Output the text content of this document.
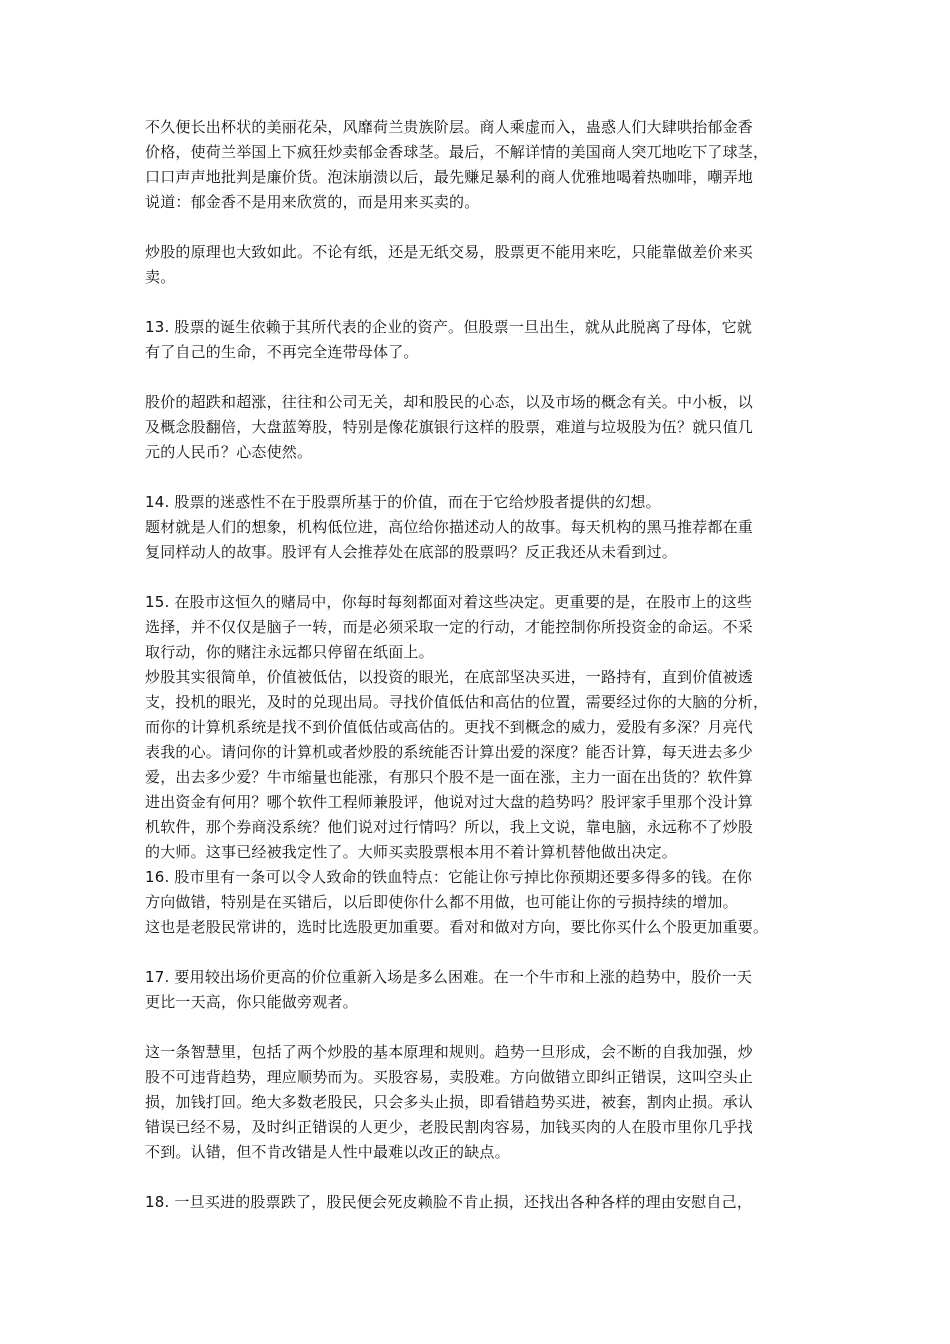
不久便长出杯状的美丽花朵，风靡荷兰贵族阶层。商人乘虚而入，蛊惑人们大肆哄抬郁金香
价格，使荷兰举国上下疯狂炒卖郁金香球茎。最后，不解详情的美国商人突兀地吃下了球茎，
口口声声地批判是廉价货。泡沫崩溃以后，最先赚足暴利的商人优雅地喝着热咖啡，嘲弄地
说道：郁金香不是用来欣赏的，而是用来买卖的。
炒股的原理也大致如此。不论有纸，还是无纸交易，股票更不能用来吃，只能靠做差价来买
卖。
13. 股票的诞生依赖于其所代表的企业的资产。但股票一旦出生，就从此脱离了母体，它就
有了自己的生命，不再完全连带母体了。
股价的超跌和超涨，往往和公司无关，却和股民的心态，以及市场的概念有关。中小板，以
及概念股翻倍，大盘蓝筹股，特别是像花旗银行这样的股票，难道与垃圾股为伍？就只值几
元的人民币？心态使然。
14. 股票的迷惑性不在于股票所基于的价值，而在于它给炒股者提供的幻想。
题材就是人们的想象，机构低位进，高位给你描述动人的故事。每天机构的黑马推荐都在重
复同样动人的故事。股评有人会推荐处在底部的股票吗？反正我还从未看到过。
15. 在股市这恒久的赌局中，你每时每刻都面对着这些决定。更重要的是，在股市上的这些
选择，并不仅仅是脑子一转，而是必须采取一定的行动，才能控制你所投资金的命运。不采
取行动，你的赌注永远都只停留在纸面上。
炒股其实很简单，价值被低估，以投资的眼光，在底部坚决买进，一路持有，直到价值被透
支，投机的眼光，及时的兑现出局。寻找价值低估和高估的位置，需要经过你的大脑的分析，
而你的计算机系统是找不到价值低估或高估的。更找不到概念的威力，爱股有多深？月亮代
表我的心。请问你的计算机或者炒股的系统能否计算出爱的深度？能否计算，每天进去多少
爱，出去多少爱？牛市缩量也能涨，有那只个股不是一面在涨，主力一面在出货的？软件算
进出资金有何用？哪个软件工程师兼股评，他说对过大盘的趋势吗？股评家手里那个没计算
机软件，那个券商没系统？他们说对过行情吗？所以，我上文说，靠电脑，永远称不了炒股
的大师。这事已经被我定性了。大师买卖股票根本用不着计算机替他做出决定。
16. 股市里有一条可以令人致命的铁血特点：它能让你亏掉比你预期还要多得多的钱。在你
方向做错，特别是在买错后，以后即使你什么都不用做，也可能让你的亏损持续的增加。
这也是老股民常讲的，选时比选股更加重要。看对和做对方向，要比你买什么个股更加重要。
17. 要用较出场价更高的价位重新入场是多么困难。在一个牛市和上涨的趋势中，股价一天
更比一天高，你只能做旁观者。
这一条智慧里，包括了两个炒股的基本原理和规则。趋势一旦形成，会不断的自我加强，炒
股不可违背趋势，理应顺势而为。买股容易，卖股难。方向做错立即纠正错误，这叫空头止
损，加钱打回。绝大多数老股民，只会多头止损，即看错趋势买进，被套，割肉止损。承认
错误已经不易，及时纠正错误的人更少，老股民割肉容易，加钱买肉的人在股市里你几乎找
不到。认错，但不肯改错是人性中最难以改正的缺点。
18. 一旦买进的股票跌了，股民便会死皮赖脸不肯止损，还找出各种各样的理由安慰自己，
